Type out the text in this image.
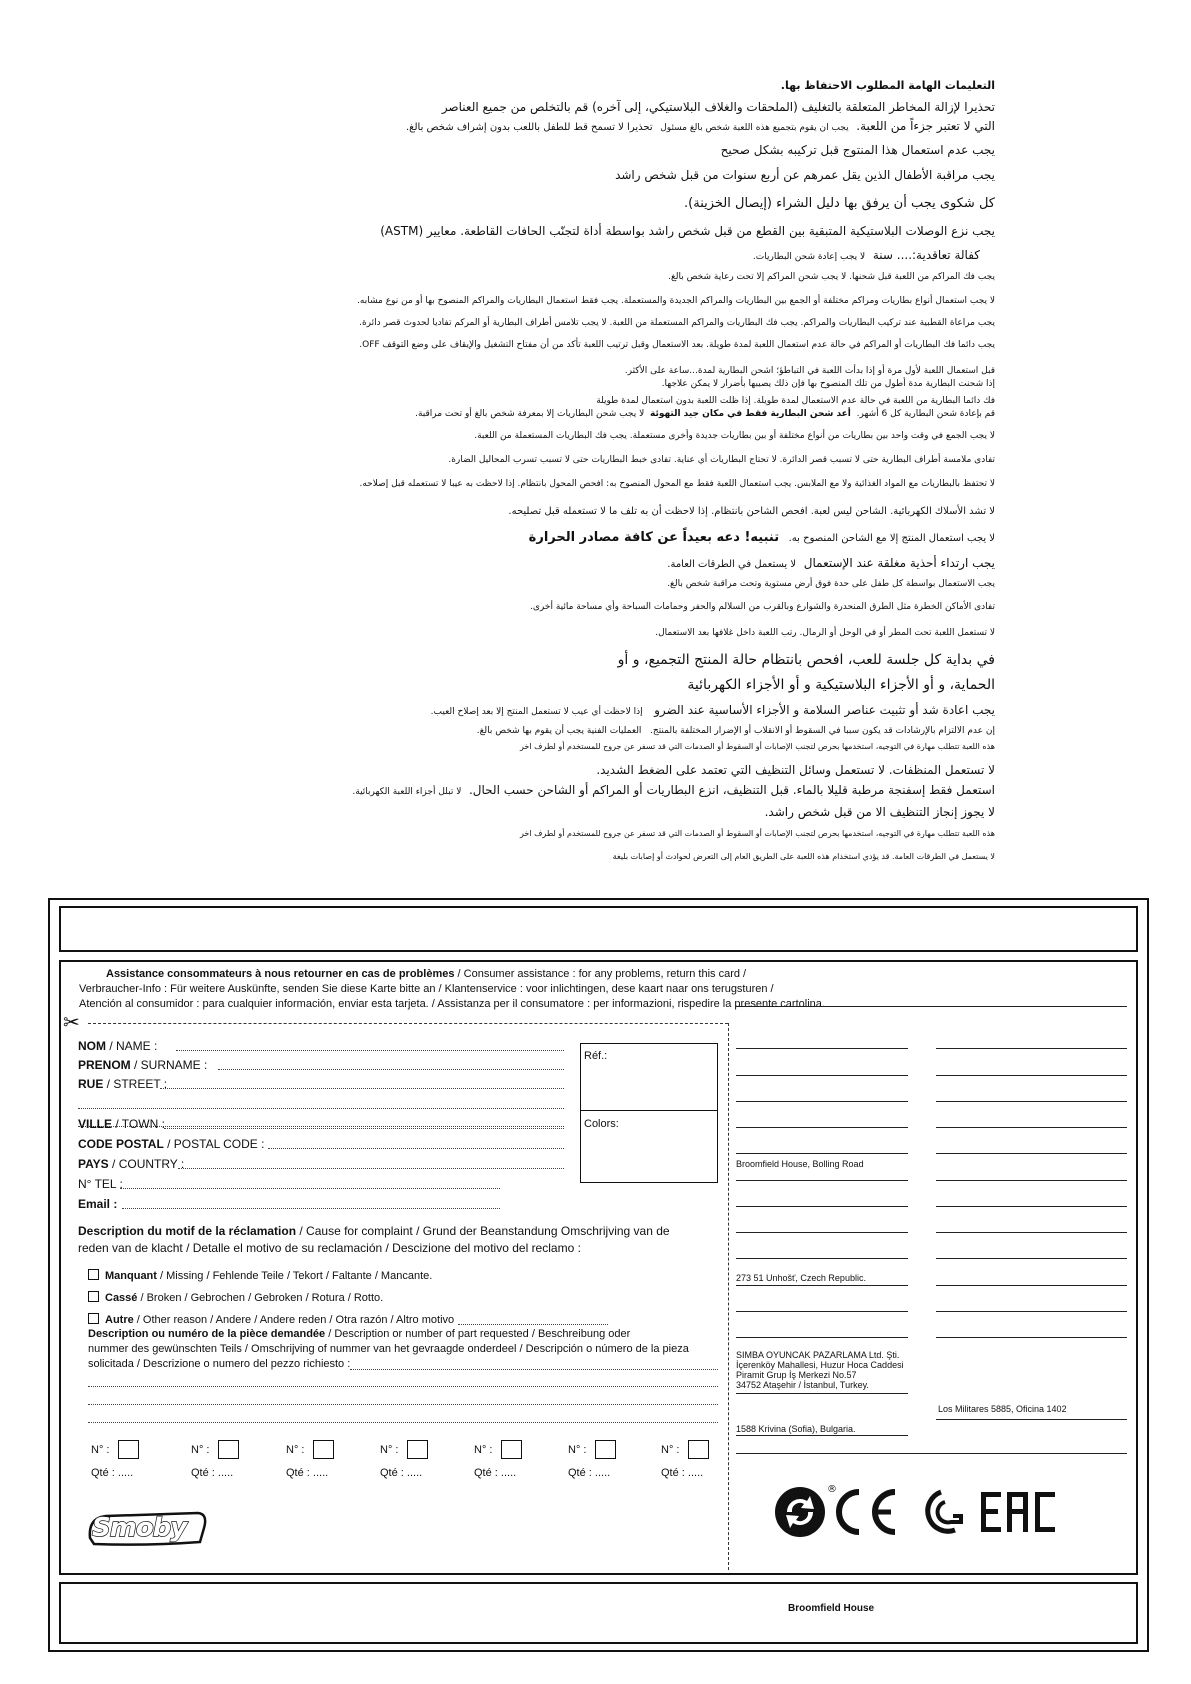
التعليمات الهامة المطلوب الاحتفاظ بها.
تحذيرا لإزالة المخاطر المتعلقة بالتغليف (الملحقات والغلاف البلاستيكي، إلى آخره) قم بالتخلص من جميع العناصر
التي لا تعتبر جزءاً من اللعبة.  يجب ان يقوم بتجميع هذه اللعبة شخص بالغ مسئول  تحذيرا لا تسمح قط للطفل باللعب بدون إشراف شخص بالغ.
يجب عدم استعمال هذا المنتوج قبل تركيبه بشكل صحيح
يجب مراقبة الأطفال الذين يقل عمرهم عن أربع سنوات من قبل شخص راشد
كل شكوى يجب أن يرفق بها دليل الشراء (إيصال الخزينة).
يجب نزع الوصلات البلاستيكية المتبقية بين القطع من قبل شخص راشد بواسطة أداة لتجنّب الحافات القاطعة. معايير (ASTM)
كفالة تعاقدية:.... سنة  لا يجب إعادة شحن البطاريات.
يجب فك المراكم من اللعبة قبل شحنها. لا يجب شحن المراكم إلا تحت رعاية شخص بالغ.
لا يجب استعمال أنواع بطاريات ومراكم مختلفة أو الجمع بين البطاريات والمراكم الجديدة والمستعملة. يجب فقط استعمال البطاريات والمراكم المنصوح بها أو من نوع مشابه.
يجب مراعاة القطبية عند تركيب البطاريات والمراكم. يجب فك البطاريات والمراكم المستعملة من اللعبة. لا يجب تلامس أطراف البطارية أو المركم تفاديا لحدوث قصر دائرة.
يجب دائما فك البطاريات أو المراكم في حالة عدم استعمال اللعبة لمدة طويلة. بعد الاستعمال وقبل ترتيب اللعبة تأكد من أن مفتاح التشغيل والإيقاف على وضع التوقف OFF.
قبل استعمال اللعبة لأول مرة أو إذا بدأت اللعبة في التباطؤ؛ اشحن البطارية لمدة...ساعة على الأكثر.
إذا شحنت البطارية مدة أطول من تلك المنصوح بها فإن ذلك يصيبها بأضرار لا يمكن علاجها.
فك دائما البطارية من اللعبة في حالة عدم الاستعمال لمدة طويلة. إذا ظلت اللعبة بدون استعمال لمدة طويلة
قم بإعادة شحن البطارية كل 6 أشهر.  أعد شحن البطارية فقط في مكان جيد التهوئة  لا يجب شحن البطاريات إلا بمعرفة شخص بالغ أو تحت مراقبة.
لا يجب الجمع في وقت واحد بين بطاريات من أنواع مختلفة أو بين بطاريات جديدة وأخرى مستعملة. يجب فك البطاريات المستعملة من اللعبة.
تفادى ملامسة أطراف البطارية حتى لا تسبب قصر الدائرة. لا تحتاج البطاريات أي عناية. تفادى خبط البطاريات حتى لا تسبب تسرب المحاليل الضارة.
لا تحتفظ بالبطاريات مع المواد الغذائية ولا مع الملابس. يجب استعمال اللعبة فقط مع المحول المنصوح به: افحص المحول بانتظام. إذا لاحظت به عيبا لا تستعمله قبل إصلاحه.
لا تشد الأسلاك الكهربائية. الشاحن ليس لعبة. افحص الشاحن بانتظام. إذا لاحظت أن به تلف ما لا تستعمله قبل تصليحه.
لا يجب استعمال المنتج إلا مع الشاحن المنصوح به.   تنبيه! دعه بعيداً عن كافة مصادر الحرارة
يجب ارتداء أحذية مغلقة عند الإستعمال  لا يستعمل في الطرقات العامة.
يجب الاستعمال بواسطة كل طفل على حدة فوق أرض مستوية وتحت مراقبة شخص بالغ.
تفادى الأماكن الخطرة مثل الطرق المنحدرة والشوارع وبالقرب من السلالم والحفر وحمامات السباحة وأي مساحة مائية أخرى.
لا تستعمل اللعبة تحت المطر أو في الوحل أو الرمال. رتب اللعبة داخل غلافها بعد الاستعمال.
في بداية كل جلسة للعب، افحص بانتظام حالة المنتج التجميع، و أو
الحماية، و أو الأجزاء البلاستيكية و أو الأجزاء الكهربائية
يجب اعادة شد أو تثبيت عناصر السلامة و الأجزاء الأساسية عند الضرو   إذا لاحظت أي عيب لا تستعمل المنتج إلا بعد إصلاح العيب.
إن عدم الالتزام بالإرشادات قد يكون سببا في السقوط أو الانقلاب أو الإضرار المختلفة بالمنتج.   العمليات الفنية يجب أن يقوم بها شخص بالغ.
هذه اللعبة تتطلب مهارة في التوجيه، استخدمها بحرص لتجنب الإصابات أو السقوط أو الصدمات التي قد تسفر عن جروح للمستخدم أو لطرف اخر
لا تستعمل المنظفات. لا تستعمل وسائل التنظيف التي تعتمد على الضغط الشديد.
استعمل فقط إسفنجة مرطبة قليلا بالماء. قبل التنظيف، انزع البطاريات أو المراكم أو الشاحن حسب الحال.  لا تبلل أجزاء اللعبة الكهربائية.
لا يجوز إنجاز التنظيف الا من قبل شخص راشد.
هذه اللعبة تتطلب مهارة في التوجيه، استخدمها بحرص لتجنب الإصابات أو السقوط أو الصدمات التي قد تسفر عن جروح للمستخدم أو لطرف اخر
لا يستعمل في الطرقات العامة. قد يؤدي استخدام هذه اللعبة على الطريق العام إلى التعرض لحوادث أو إصابات بليغة
Assistance consommateurs à nous retourner en cas de problèmes / Consumer assistance : for any problems, return this card /
Verbraucher-Info : Für weitere Auskünfte, senden Sie diese Karte bitte an / Klantenservice : voor inlichtingen, dese kaart naar ons terugsturen /
Atención al consumidor : para cualquier información, enviar esta tarjeta. / Assistanza per il consumatore : per informazioni, rispedire la presente cartolina.
✂
NOM / NAME :
PRENOM / SURNAME :
RUE / STREET :
VILLE / TOWN :
CODE POSTAL / POSTAL CODE :
PAYS / COUNTRY :
N° TEL :
Email :
Réf.:
Colors:
Description du motif de la réclamation / Cause for complaint / Grund der Beanstandung Omschrijving van de
reden van de klacht / Detalle el motivo de su reclamación / Descizione del motivo del reclamo :
Manquant / Missing / Fehlende Teile / Tekort / Faltante / Mancante.
Cassé / Broken / Gebrochen / Gebroken / Rotura / Rotto.
Autre / Other reason / Andere / Andere reden / Otra razón / Altro motivo
Description ou numéro de la pièce demandée / Description or number of part requested / Beschreibung oder
nummer des gewünschten Teils / Omschrijving of nummer van het gevraagde onderdeel / Descripción o número de la pieza
solicitada / Descrizione o numero del pezzo richiesto :
N° :
Qté : .....
N° :
Qté : .....
N° :
Qté : .....
N° :
Qté : .....
N° :
Qté : .....
N° :
Qté : .....
N° :
Qté : .....
Smoby
Broomfield House, Bolling Road
273 51 Unhošť, Czech Republic.
SIMBA OYUNCAK PAZARLAMA Ltd. Şti.
İçerenköy Mahallesi, Huzur Hoca Caddesi
Piramit Grup İş Merkezi No.57
34752 Ataşehir / İstanbul, Turkey.
Los Militares 5885, Oficina 1402
1588 Krivina (Sofia), Bulgaria.
®
Broomfield House
